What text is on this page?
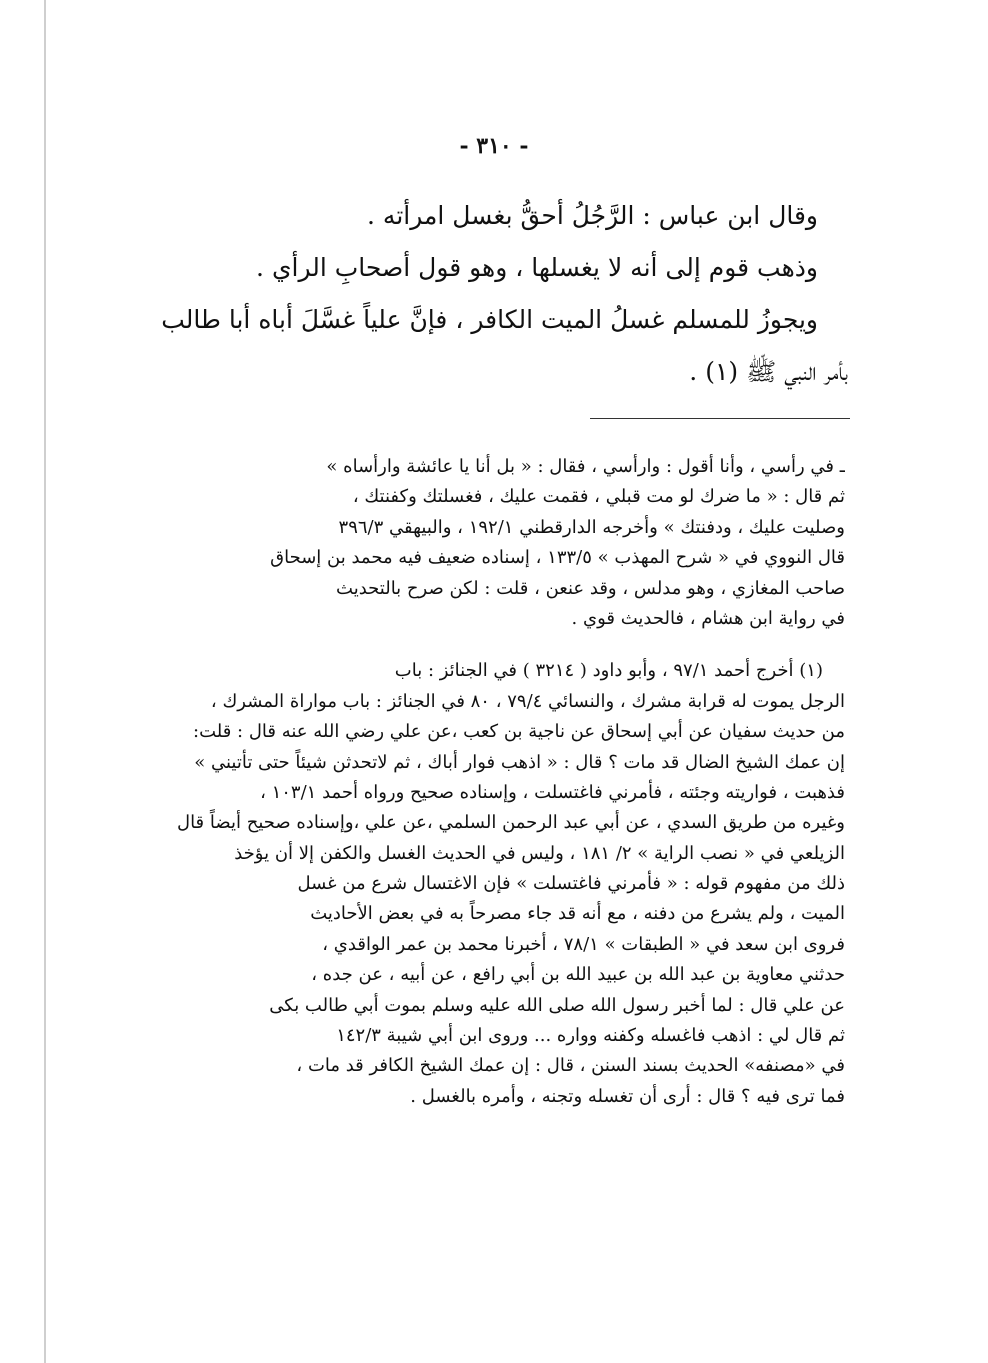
- ٣١٠ -
وقال ابن عباس : الرَّجُلُ أحقُّ بغسل امرأته .
وذهب قوم إلى أنه لا يغسلها ، وهو قول أصحابِ الرأي .
ويجوزُ للمسلم غسلُ الميت الكافر ، فإنَّ علياً غسَّلَ أباه أبا طالب
بأمر النبي ﷺ (١) .
ـ في رأسي ، وأنا أقول : وارأسي ، فقال : « بل أنا يا عائشة وارأساه »
ثم قال : « ما ضرك لو مت قبلي ، فقمت عليك ، فغسلتك وكفنتك ،
وصليت عليك ، ودفنتك » وأخرجه الدارقطني ١٩٢/١ ، والبيهقي ٣٩٦/٣
قال النووي في « شرح المهذب » ١٣٣/٥ ، إسناده ضعيف فيه محمد بن إسحاق
صاحب المغازي ، وهو مدلس ، وقد عنعن ، قلت : لكن صرح بالتحديث
في رواية ابن هشام ، فالحديث قوي .
(١) أخرج أحمد ٩٧/١ ، وأبو داود ( ٣٢١٤ ) في الجنائز : باب
الرجل يموت له قرابة مشرك ، والنسائي ٧٩/٤ ، ٨٠ في الجنائز : باب مواراة المشرك ،
من حديث سفيان عن أبي إسحاق عن ناجية بن كعب ،عن علي رضي الله عنه قال : قلت:
إن عمك الشيخ الضال قد مات ؟ قال : « اذهب فوار أباك ، ثم لاتحدثن شيئاً حتى تأتيني »
فذهبت ، فواريته وجئته ، فأمرني فاغتسلت ، وإسناده صحيح ورواه أحمد ١٠٣/١ ،
وغيره من طريق السدي ، عن أبي عبد الرحمن السلمي ،عن علي ،وإسناده صحيح أيضاً قال
الزيلعي في « نصب الراية » ٢/ ١٨١ ، وليس في الحديث الغسل والكفن إلا أن يؤخذ
ذلك من مفهوم قوله : « فأمرني فاغتسلت » فإن الاغتسال شرع من غسل
الميت ، ولم يشرع من دفنه ، مع أنه قد جاء مصرحاً به في بعض الأحاديث
فروى ابن سعد في « الطبقات » ٧٨/١ ، أخبرنا محمد بن عمر الواقدي ،
حدثني معاوية بن عبد الله بن عبيد الله بن أبي رافع ، عن أبيه ، عن جده ،
عن علي قال : لما أخبر رسول الله صلى الله عليه وسلم بموت أبي طالب بكى
ثم قال لي : اذهب فاغسله وكفنه وواره ... وروى ابن أبي شيبة ١٤٢/٣
في «مصنفه» الحديث بسند السنن ، قال : إن عمك الشيخ الكافر قد مات ،
فما ترى فيه ؟ قال : أرى أن تغسله وتجنه ، وأمره بالغسل .
